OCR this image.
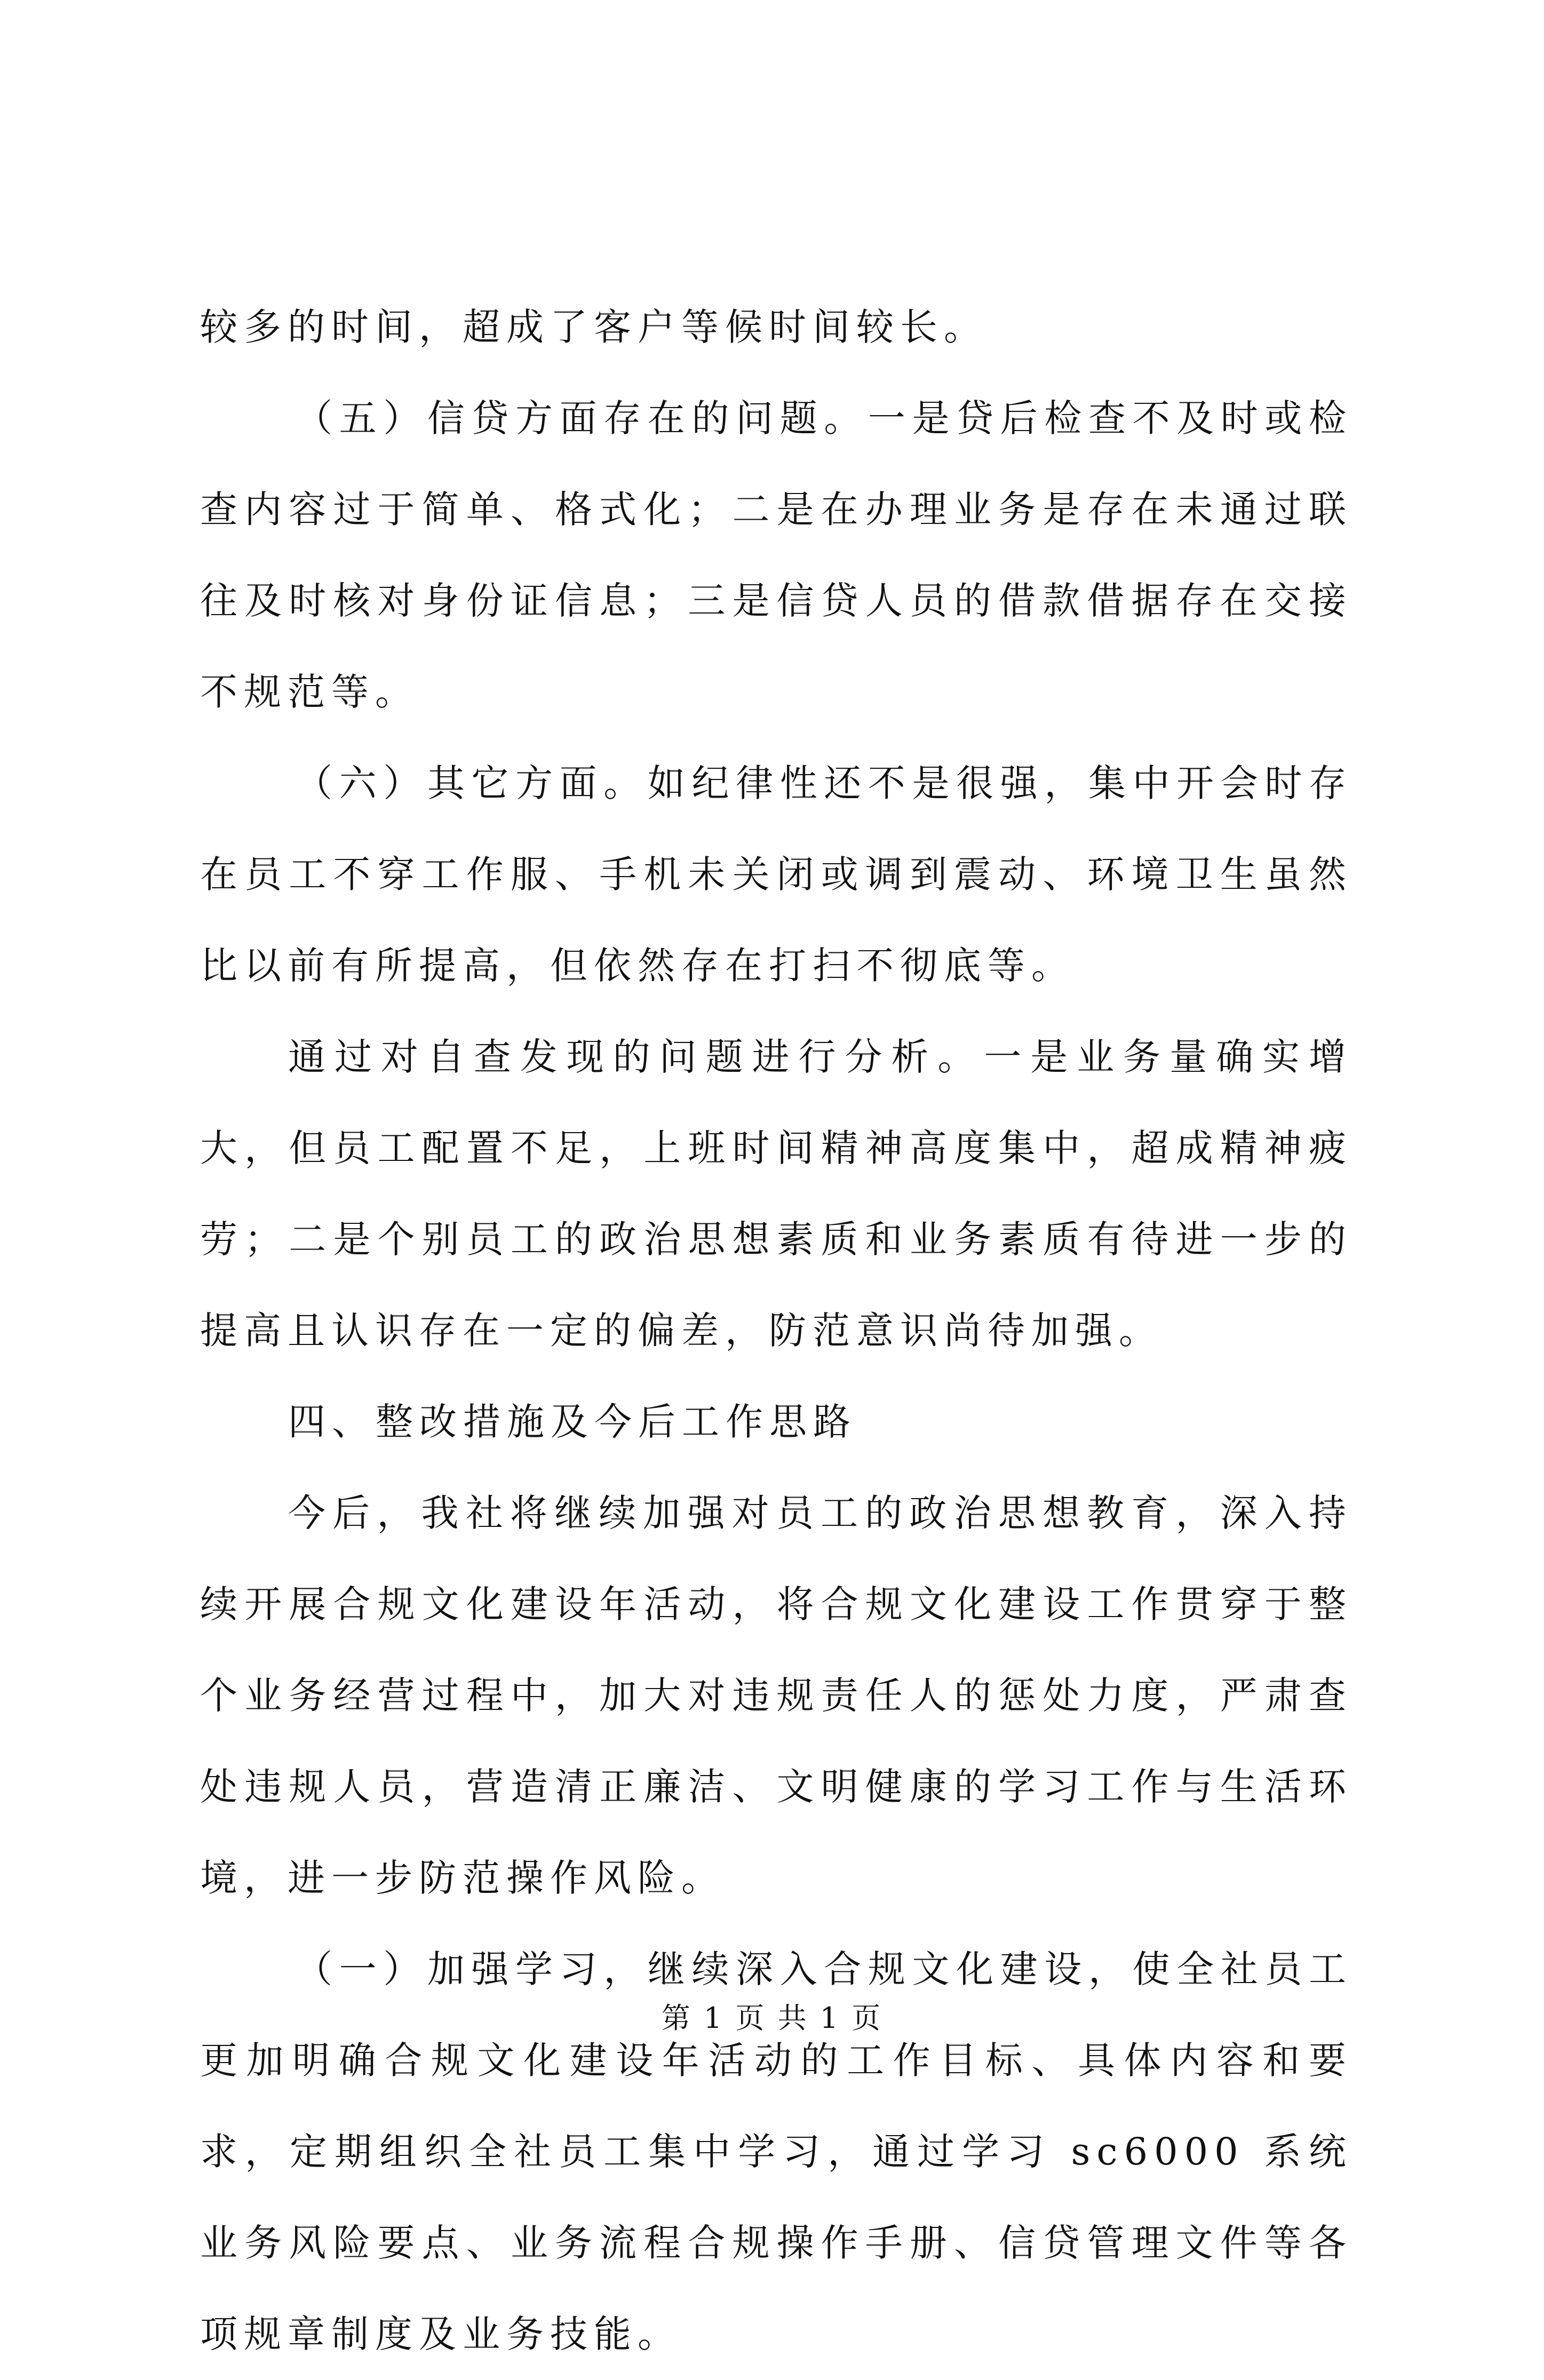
较多的时间，超成了客户等候时间较长。

（五）信贷方面存在的问题。一是贷后检查不及时或检查内容过于简单、格式化；二是在办理业务是存在未通过联往及时核对身份证信息；三是信贷人员的借款借据存在交接不规范等。

（六）其它方面。如纪律性还不是很强，集中开会时存在员工不穿工作服、手机未关闭或调到震动、环境卫生虽然比以前有所提高，但依然存在打扫不彻底等。

通过对自查发现的问题进行分析。一是业务量确实增大，但员工配置不足，上班时间精神高度集中，超成精神疲劳；二是个别员工的政治思想素质和业务素质有待进一步的提高且认识存在一定的偏差，防范意识尚待加强。

四、整改措施及今后工作思路

今后，我社将继续加强对员工的政治思想教育，深入持续开展合规文化建设年活动，将合规文化建设工作贯穿于整个业务经营过程中，加大对违规责任人的惩处力度，严肃查处违规人员，营造清正廉洁、文明健康的学习工作与生活环境，进一步防范操作风险。

（一）加强学习，继续深入合规文化建设，使全社员工更加明确合规文化建设年活动的工作目标、具体内容和要求，定期组织全社员工集中学习，通过学习 sc6000 系统业务风险要点、业务流程合规操作手册、信贷管理文件等各项规章制度及业务技能。

第 1 页 共 1 页
